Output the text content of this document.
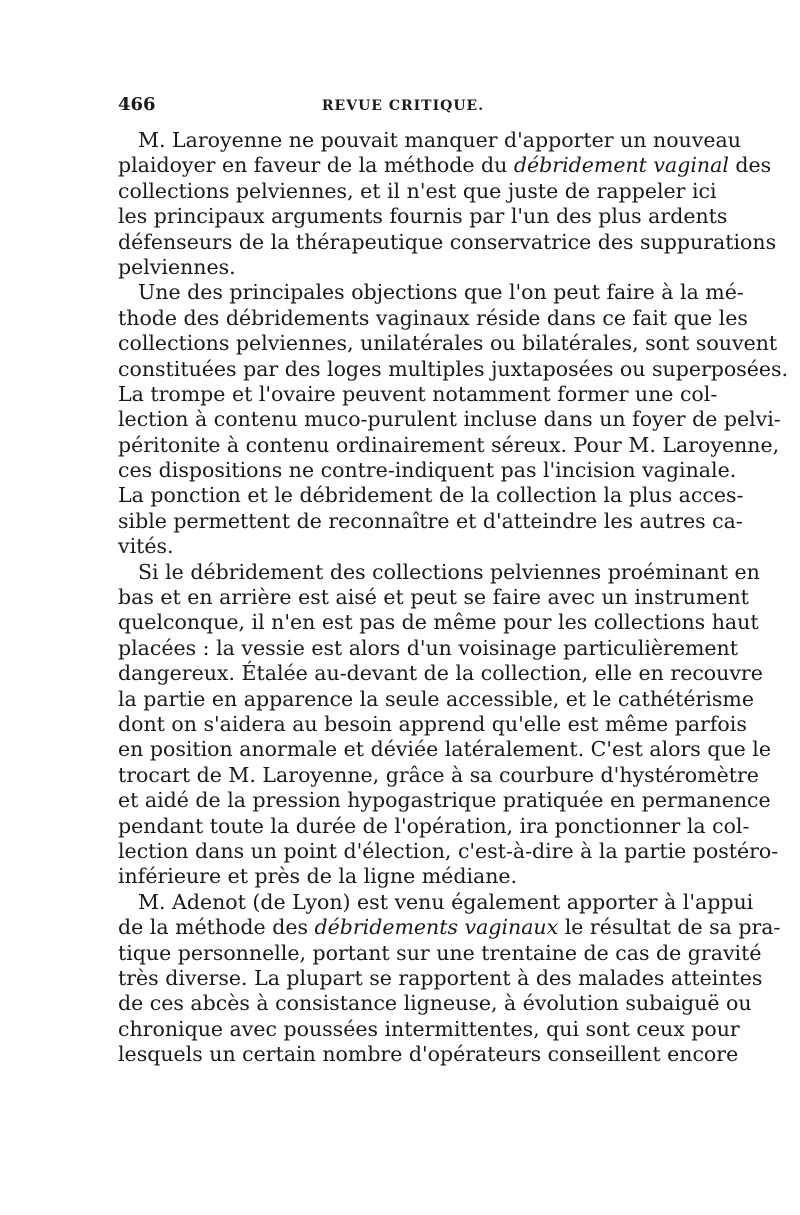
466	REVUE CRITIQUE.
M. Laroyenne ne pouvait manquer d'apporter un nouveau
plaidoyer en faveur de la méthode du débridement vaginal des
collections pelviennes, et il n'est que juste de rappeler ici
les principaux arguments fournis par l'un des plus ardents
défenseurs de la thérapeutique conservatrice des suppurations
pelviennes.
Une des principales objections que l'on peut faire à la mé-
thode des débridements vaginaux réside dans ce fait que les
collections pelviennes, unilatérales ou bilatérales, sont souvent
constituées par des loges multiples juxtaposées ou superposées.
La trompe et l'ovaire peuvent notamment former une col-
lection à contenu muco-purulent incluse dans un foyer de pelvi-
péritonite à contenu ordinairement séreux. Pour M. Laroyenne,
ces dispositions ne contre-indiquent pas l'incision vaginale.
La ponction et le débridement de la collection la plus acces-
sible permettent de reconnaître et d'atteindre les autres ca-
vités.
Si le débridement des collections pelviennes proéminant en
bas et en arrière est aisé et peut se faire avec un instrument
quelconque, il n'en est pas de même pour les collections haut
placées : la vessie est alors d'un voisinage particulièrement
dangereux. Étalée au-devant de la collection, elle en recouvre
la partie en apparence la seule accessible, et le cathétérisme
dont on s'aidera au besoin apprend qu'elle est même parfois
en position anormale et déviée latéralement. C'est alors que le
trocart de M. Laroyenne, grâce à sa courbure d'hystéromètre
et aidé de la pression hypogastrique pratiquée en permanence
pendant toute la durée de l'opération, ira ponctionner la col-
lection dans un point d'élection, c'est-à-dire à la partie postéro-
inférieure et près de la ligne médiane.
M. Adenot (de Lyon) est venu également apporter à l'appui
de la méthode des débridements vaginaux le résultat de sa pra-
tique personnelle, portant sur une trentaine de cas de gravité
très diverse. La plupart se rapportent à des malades atteintes
de ces abcès à consistance ligneuse, à évolution subaiguë ou
chronique avec poussées intermittentes, qui sont ceux pour
lesquels un certain nombre d'opérateurs conseillent encore
